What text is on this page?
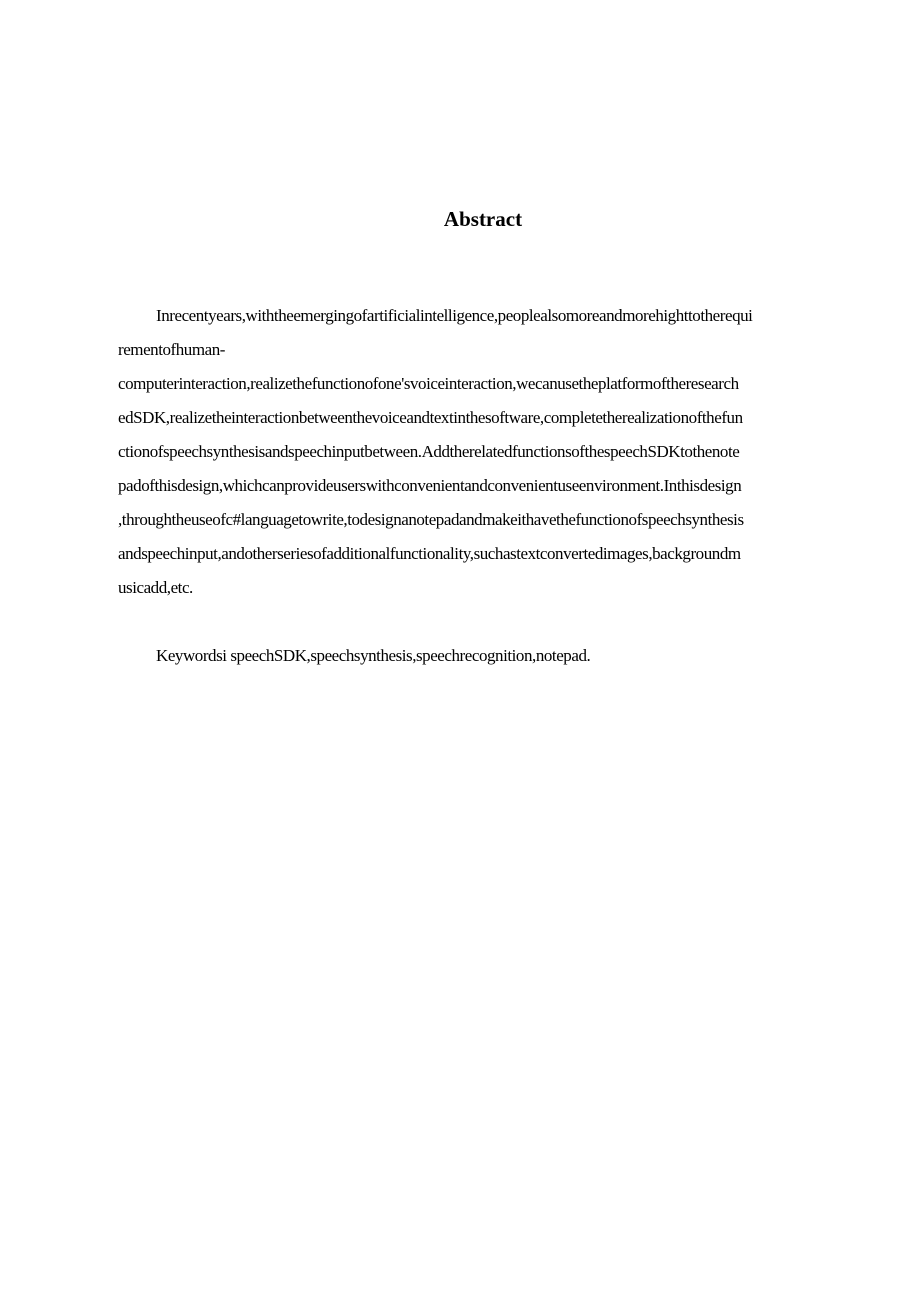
Abstract
Inrecentyears,withtheemergingofartificialintelligence,peoplealsomoreandmorehighttotherequi
rementofhuman-
computerinteraction,realizethefunctionofone'svoiceinteraction,wecanusetheplatformoftheresearch
edSDK,realizetheinteractionbetweenthevoiceandtextinthesoftware,completetherealizationofthefun
ctionofspeechsynthesisandspeechinputbetween.AddtherelatedfunctionsofthespeechSDKtothenote
padofthisdesign,whichcanprovideuserswithconvenientandconvenientuseenvironment.Inthisdesign
,throughtheuseofc#languagetowrite,todesignanotepadandmakeithavethefunctionofspeechsynthesis
andspeechinput,andotherseriesofadditionalfunctionality,suchastextconvertedimages,backgroundm
usicadd,etc.
Keywordsi speechSDK,speechsynthesis,speechrecognition,notepad.
